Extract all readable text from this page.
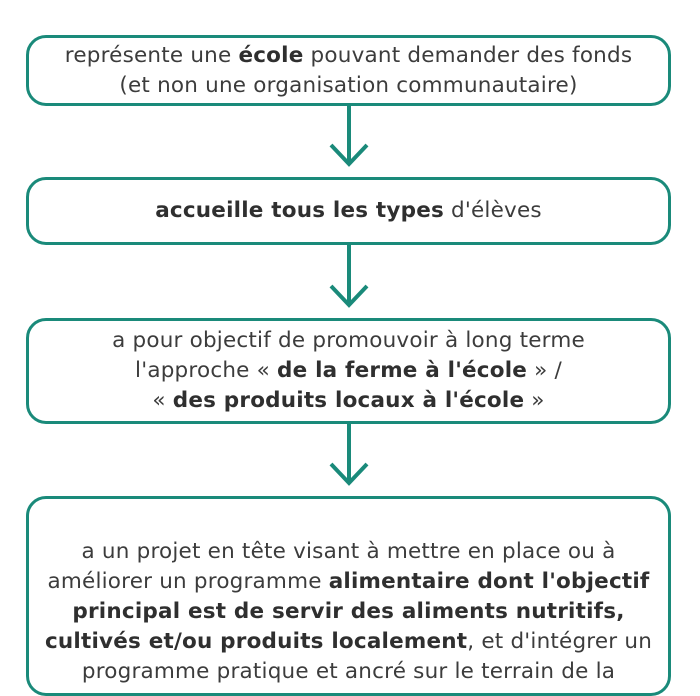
représente une école pouvant demander des fonds
(et non une organisation communautaire)
accueille tous les types d'élèves
a pour objectif de promouvoir à long terme
l'approche « de la ferme à l'école » /
« des produits locaux à l'école »
a un projet en tête visant à mettre en place ou à
améliorer un programme alimentaire dont l'objectif
principal est de servir des aliments nutritifs,
cultivés et/ou produits localement, et d'intégrer un
programme pratique et ancré sur le terrain de la
